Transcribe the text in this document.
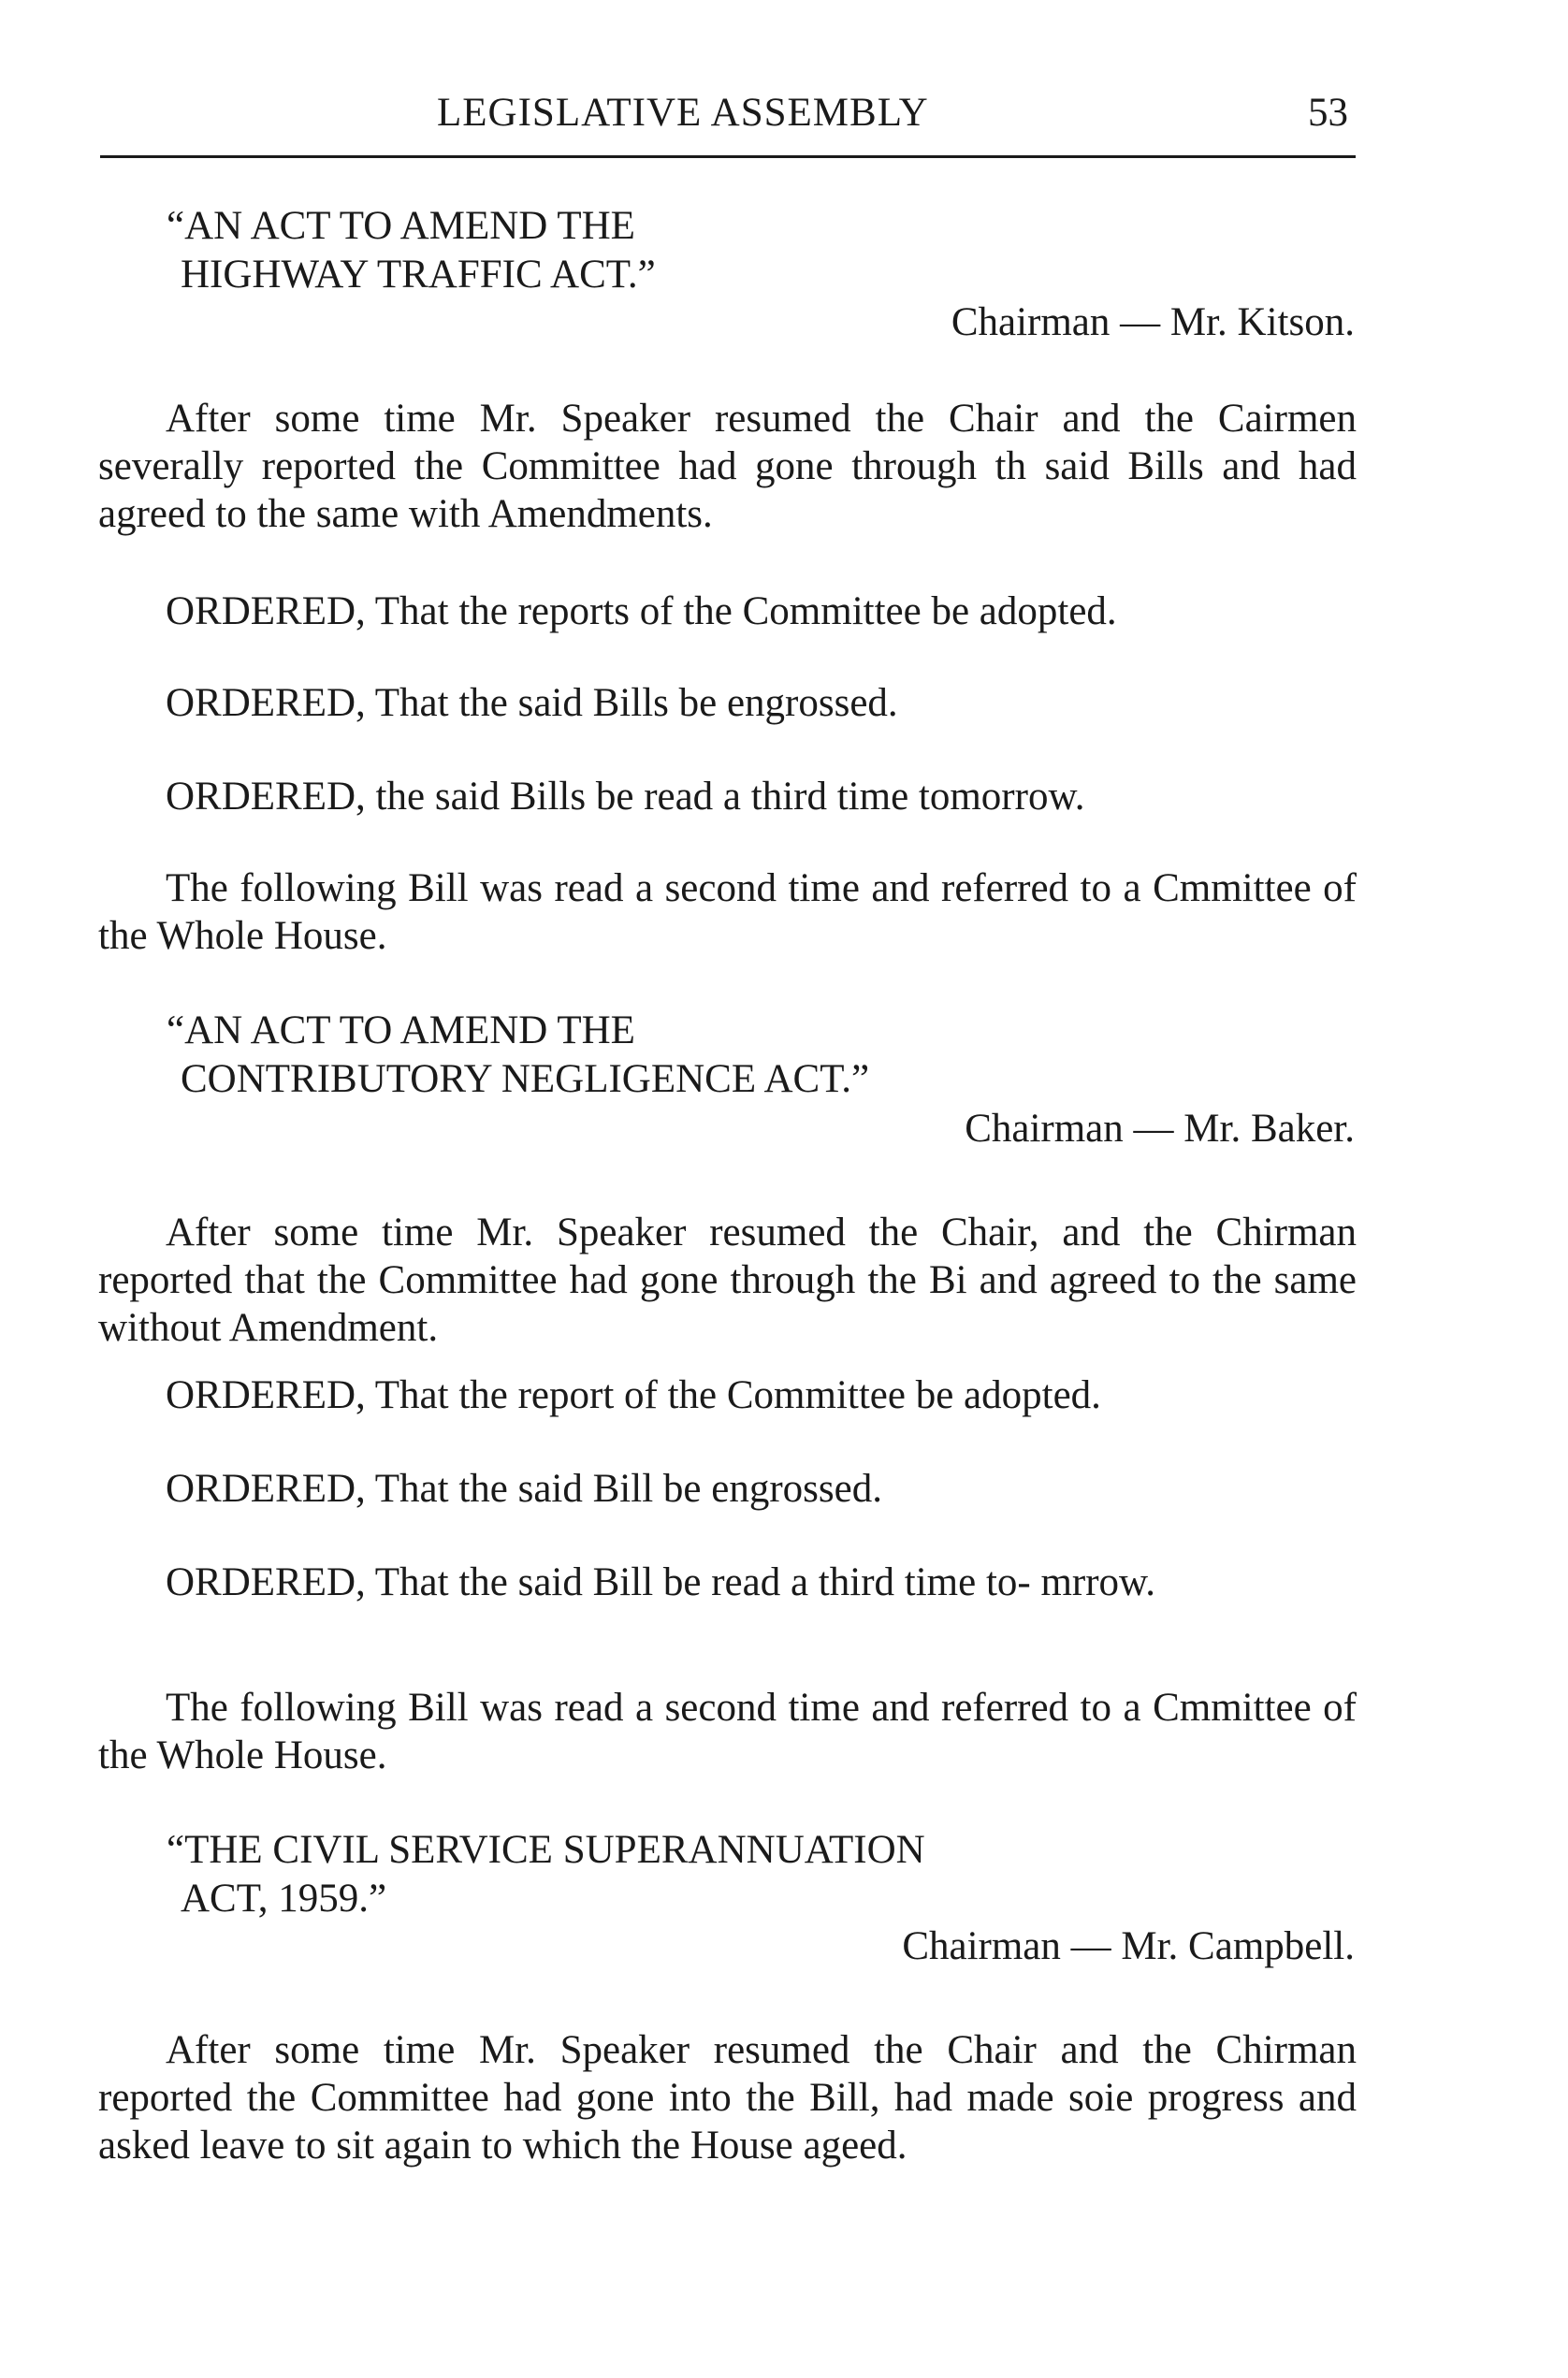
LEGISLATIVE ASSEMBLY	53

“AN ACT TO AMEND THE

HIGHWAY TRAFFIC ACT.”

Chairman — Mr. Kitson.

After some time Mr. Speaker resumed the Chair and the Cairmen severally reported the Committee had gone through th said Bills and had agreed to the same with Amendments.

ORDERED, That the reports of the Committee be adopted.

ORDERED, That the said Bills be engrossed.

ORDERED, the said Bills be read a third time tomorrow.

The following Bill was read a second time and referred to a Cmmittee of the Whole House.

“AN ACT TO AMEND THE

CONTRIBUTORY NEGLIGENCE ACT.”

Chairman — Mr. Baker.

After some time Mr. Speaker resumed the Chair, and the Chirman reported that the Committee had gone through the Bi and agreed to the same without Amendment.

ORDERED, That the report of the Committee be adopted.

ORDERED, That the said Bill be engrossed.

ORDERED, That the said Bill be read a third time to- mrrow.

The following Bill was read a second time and referred to a Cmmittee of the Whole House.

“THE CIVIL SERVICE SUPERANNUATION

ACT, 1959.”

Chairman — Mr. Campbell.

After some time Mr. Speaker resumed the Chair and the Chirman reported the Committee had gone into the Bill, had made soie progress and asked leave to sit again to which the House ageed.
